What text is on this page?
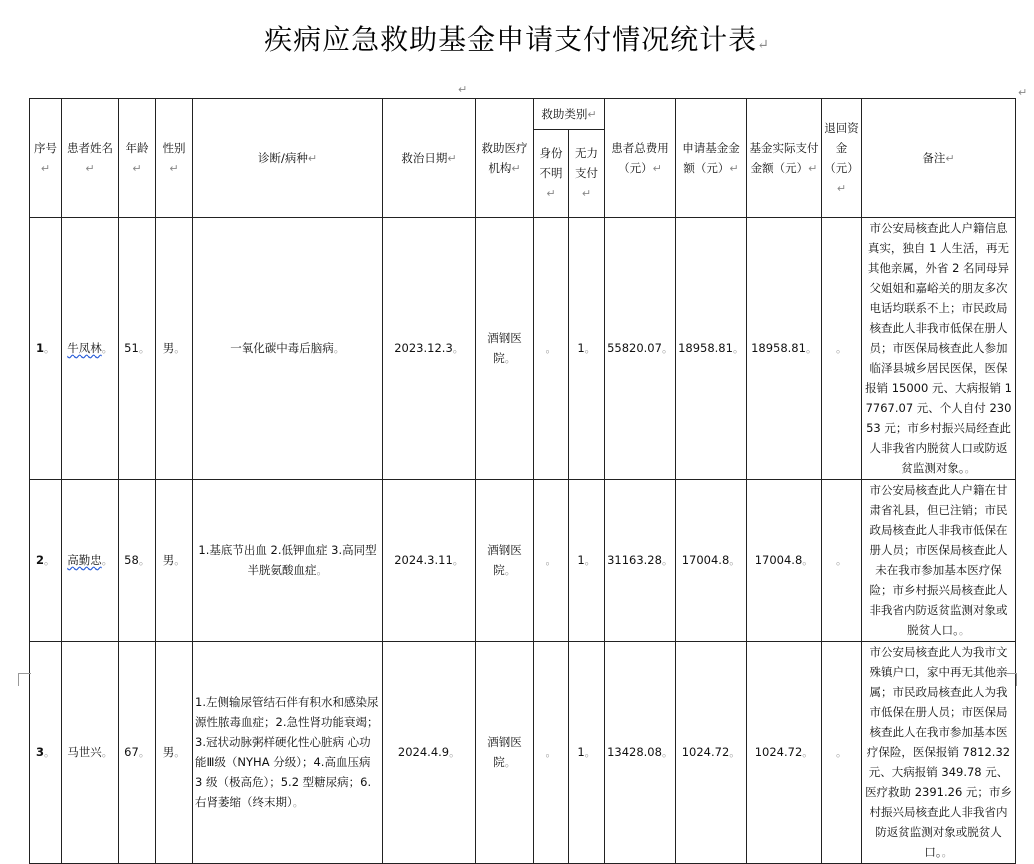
疾病应急救助基金申请支付情况统计表↵
↵	↵
序号↵	患者姓名↵	年龄↵	性别↵	诊断/病种↵	救治日期↵	救助医疗机构↵	救助类别↵		患者总费用（元）↵	申请基金金额（元）↵	基金实际支付金额（元）↵	退回资金（元）↵	备注↵
							身份不明↵	无力支付↵					
1。	牛凤林。	51。	男。	一氧化碳中毒后脑病。	2023.12.3。	酒钢医院。	。	1。	55820.07。	18958.81。	18958.81。	。	市公安局核查此人户籍信息真实，独自 1 人生活，再无其他亲属，外省 2 名同母异父姐姐和嘉峪关的朋友多次电话均联系不上；市民政局核查此人非我市低保在册人员；市医保局核查此人参加临泽县城乡居民医保，医保报销 15000 元、大病报销 17767.07 元、个人自付 23053 元；市乡村振兴局经查此人非我省内脱贫人口或防返贫监测对象。。
2。	高勤忠。	58。	男。	1.基底节出血 2.低钾血症 3.高同型半胱氨酸血症。	2024.3.11。	酒钢医院。	。	1。	31163.28。	17004.8。	17004.8。	。	市公安局核查此人户籍在甘肃省礼县，但已注销；市民政局核查此人非我市低保在册人员；市医保局核查此人未在我市参加基本医疗保险；市乡村振兴局核查此人非我省内防返贫监测对象或脱贫人口。。
3。	马世兴。	67。	男。	1.左侧输尿管结石伴有积水和感染尿源性脓毒血症；2.急性肾功能衰竭；3.冠状动脉粥样硬化性心脏病 心功能Ⅲ级（NYHA 分级）；4.高血压病 3 级（极高危）；5.2 型糖尿病；6.右肾萎缩（终末期）。	2024.4.9。	酒钢医院。	。	1。	13428.08。	1024.72。	1024.72。	。	市公安局核查此人为我市文殊镇户口，家中再无其他亲属；市民政局核查此人为我市低保在册人员；市医保局核查此人在我市参加基本医疗保险，医保报销 7812.32 元、大病报销 349.78 元、医疗救助 2391.26 元；市乡村振兴局核查此人非我省内防返贫监测对象或脱贫人口。。
